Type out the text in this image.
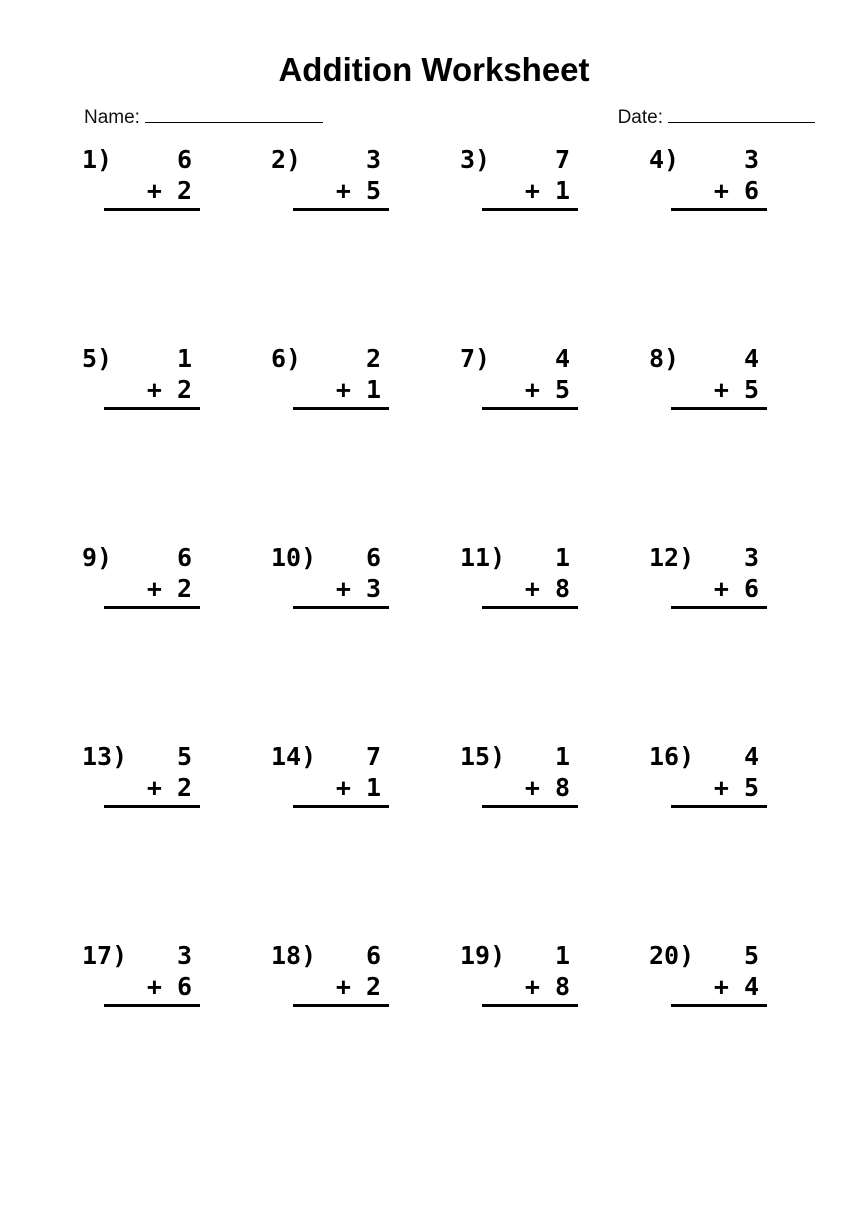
Addition Worksheet
Name:	Date:
1)	6
+ 2
2)	3
+ 5
3)	7
+ 1
4)	3
+ 6
5)	1
+ 2
6)	2
+ 1
7)	4
+ 5
8)	4
+ 5
9)	6
+ 2
10) 6
+ 3
11) 1
+ 8
12) 3
+ 6
13) 5
+ 2
14) 7
+ 1
15) 1
+ 8
16) 4
+ 5
17) 3
+ 6
18) 6
+ 2
19) 1
+ 8
20) 5
+ 4
